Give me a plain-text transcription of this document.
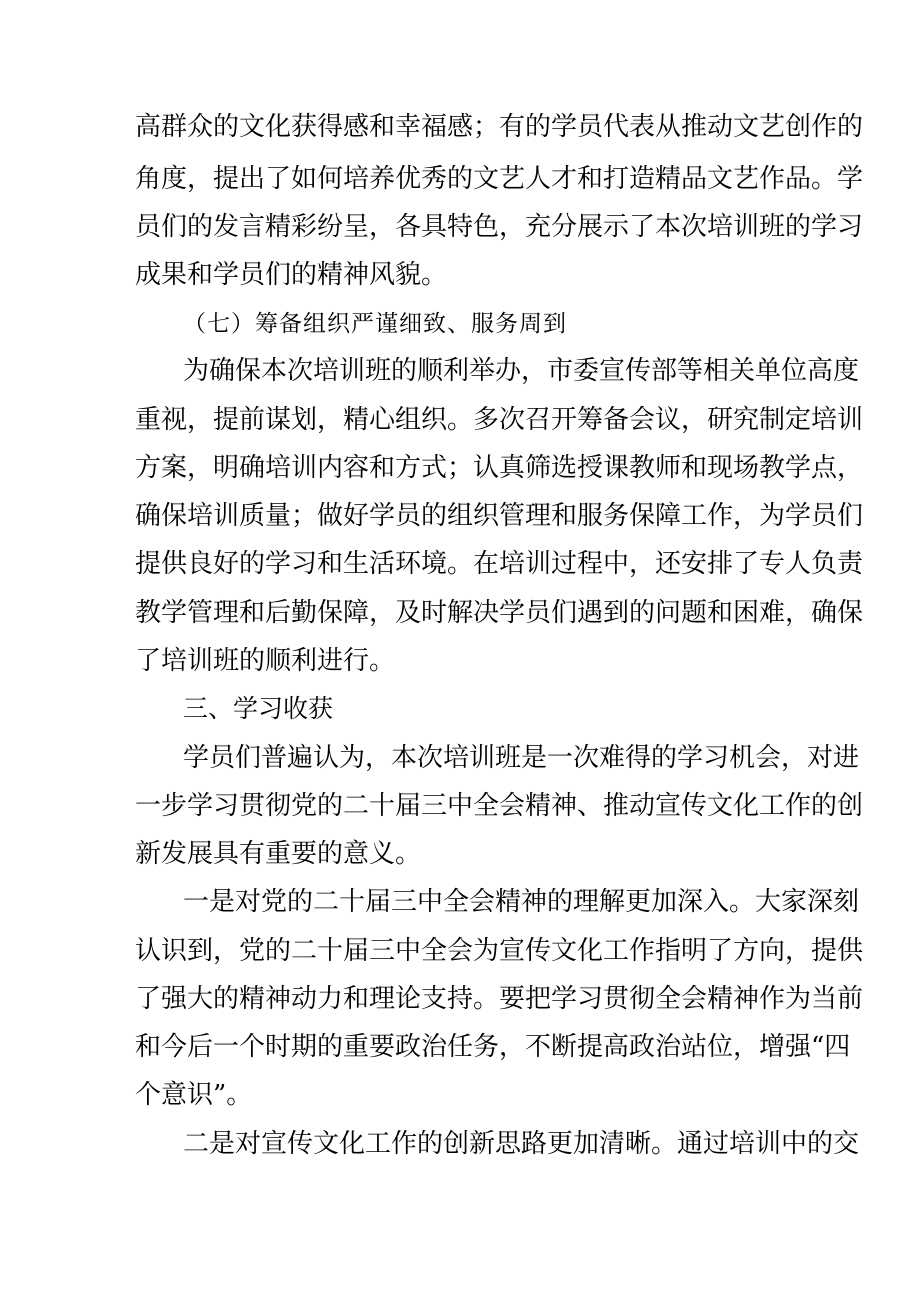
高群众的文化获得感和幸福感；有的学员代表从推动文艺创作的
角度，提出了如何培养优秀的文艺人才和打造精品文艺作品。学
员们的发言精彩纷呈，各具特色，充分展示了本次培训班的学习
成果和学员们的精神风貌。
（七）筹备组织严谨细致、服务周到
为确保本次培训班的顺利举办，市委宣传部等相关单位高度
重视，提前谋划，精心组织。多次召开筹备会议，研究制定培训
方案，明确培训内容和方式；认真筛选授课教师和现场教学点，
确保培训质量；做好学员的组织管理和服务保障工作，为学员们
提供良好的学习和生活环境。在培训过程中，还安排了专人负责
教学管理和后勤保障，及时解决学员们遇到的问题和困难，确保
了培训班的顺利进行。
三、学习收获
学员们普遍认为，本次培训班是一次难得的学习机会，对进
一步学习贯彻党的二十届三中全会精神、推动宣传文化工作的创
新发展具有重要的意义。
一是对党的二十届三中全会精神的理解更加深入。大家深刻
认识到，党的二十届三中全会为宣传文化工作指明了方向，提供
了强大的精神动力和理论支持。要把学习贯彻全会精神作为当前
和今后一个时期的重要政治任务，不断提高政治站位，增强“四
个意识”。
二是对宣传文化工作的创新思路更加清晰。通过培训中的交
